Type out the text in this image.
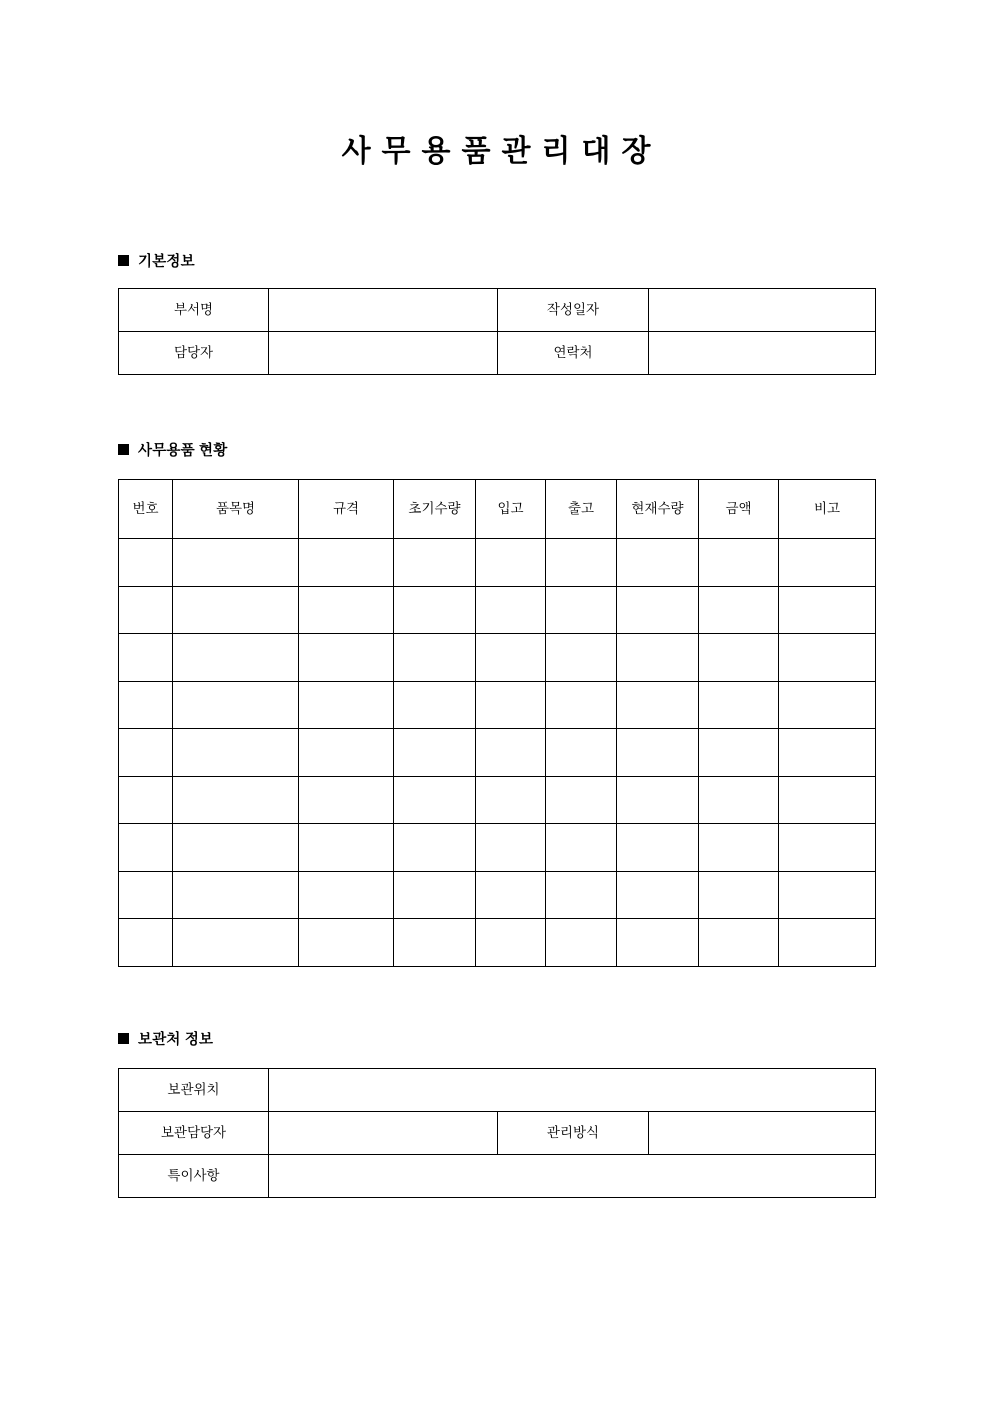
사무용품관리대장
기본정보
부서명		작성일자	
담당자		연락처	
사무용품 현황
번호	품목명	규격	초기수량	입고	출고	현재수량	금액	비고

보관처 정보
보관위치			
보관담당자		관리방식	
특이사항			
